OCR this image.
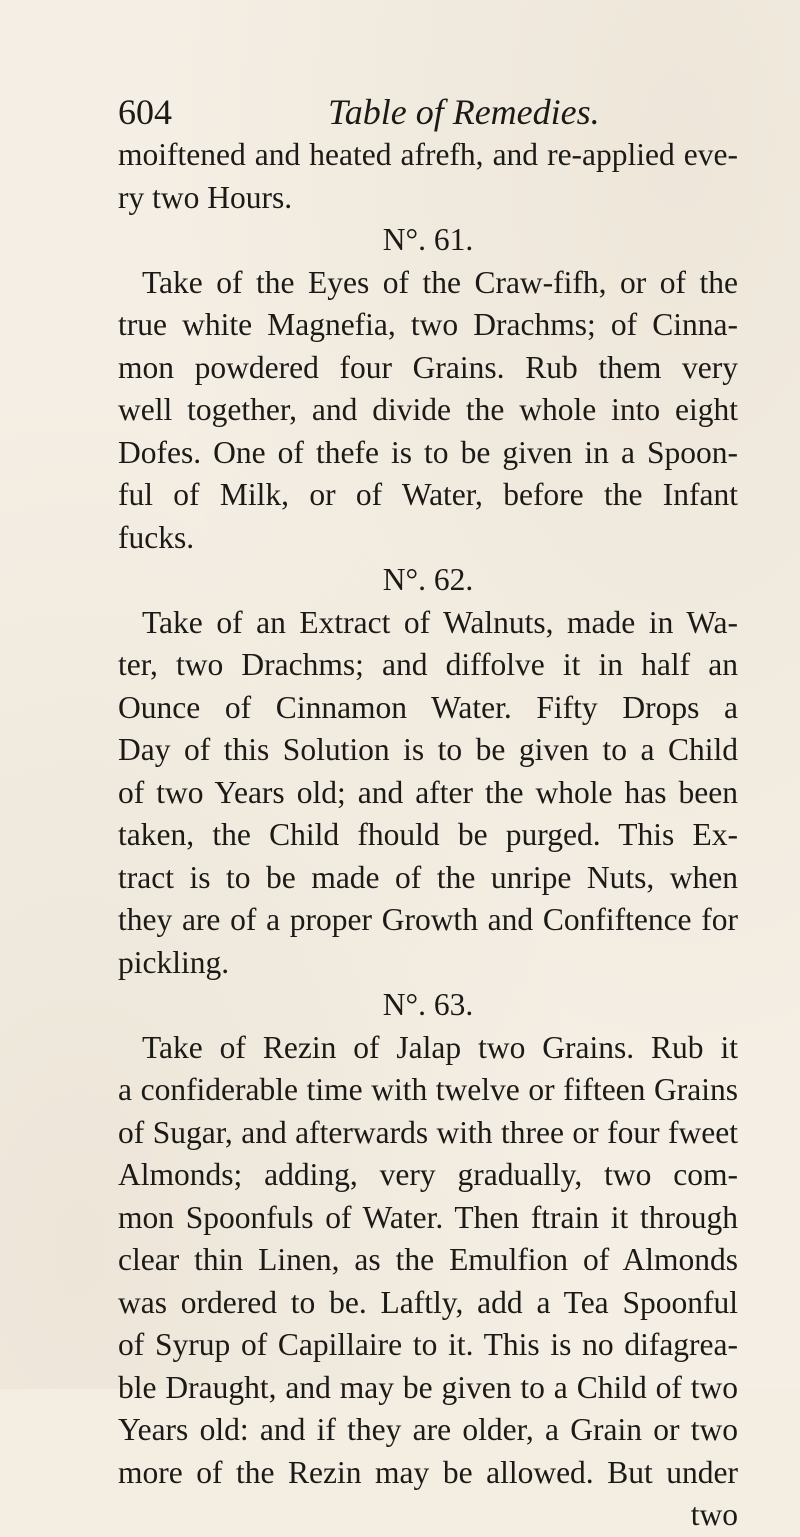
604	Table of Remedies.
moiftened and heated afrefh, and re-applied eve-
ry two Hours.
N°. 61.
Take of the Eyes of the Craw-fifh, or of the
true white Magnefia, two Drachms; of Cinna-
mon powdered four Grains. Rub them very
well together, and divide the whole into eight
Dofes. One of thefe is to be given in a Spoon-
ful of Milk, or of Water, before the Infant
fucks.
N°. 62.
Take of an Extract of Walnuts, made in Wa-
ter, two Drachms; and diffolve it in half an
Ounce of Cinnamon Water. Fifty Drops a
Day of this Solution is to be given to a Child
of two Years old; and after the whole has been
taken, the Child fhould be purged. This Ex-
tract is to be made of the unripe Nuts, when
they are of a proper Growth and Confiftence for
pickling.
N°. 63.
Take of Rezin of Jalap two Grains. Rub it
a confiderable time with twelve or fifteen Grains
of Sugar, and afterwards with three or four fweet
Almonds; adding, very gradually, two com-
mon Spoonfuls of Water. Then ftrain it through
clear thin Linen, as the Emulfion of Almonds
was ordered to be. Laftly, add a Tea Spoonful
of Syrup of Capillaire to it. This is no difagrea-
ble Draught, and may be given to a Child of two
Years old: and if they are older, a Grain or two
more of the Rezin may be allowed. But under
two
